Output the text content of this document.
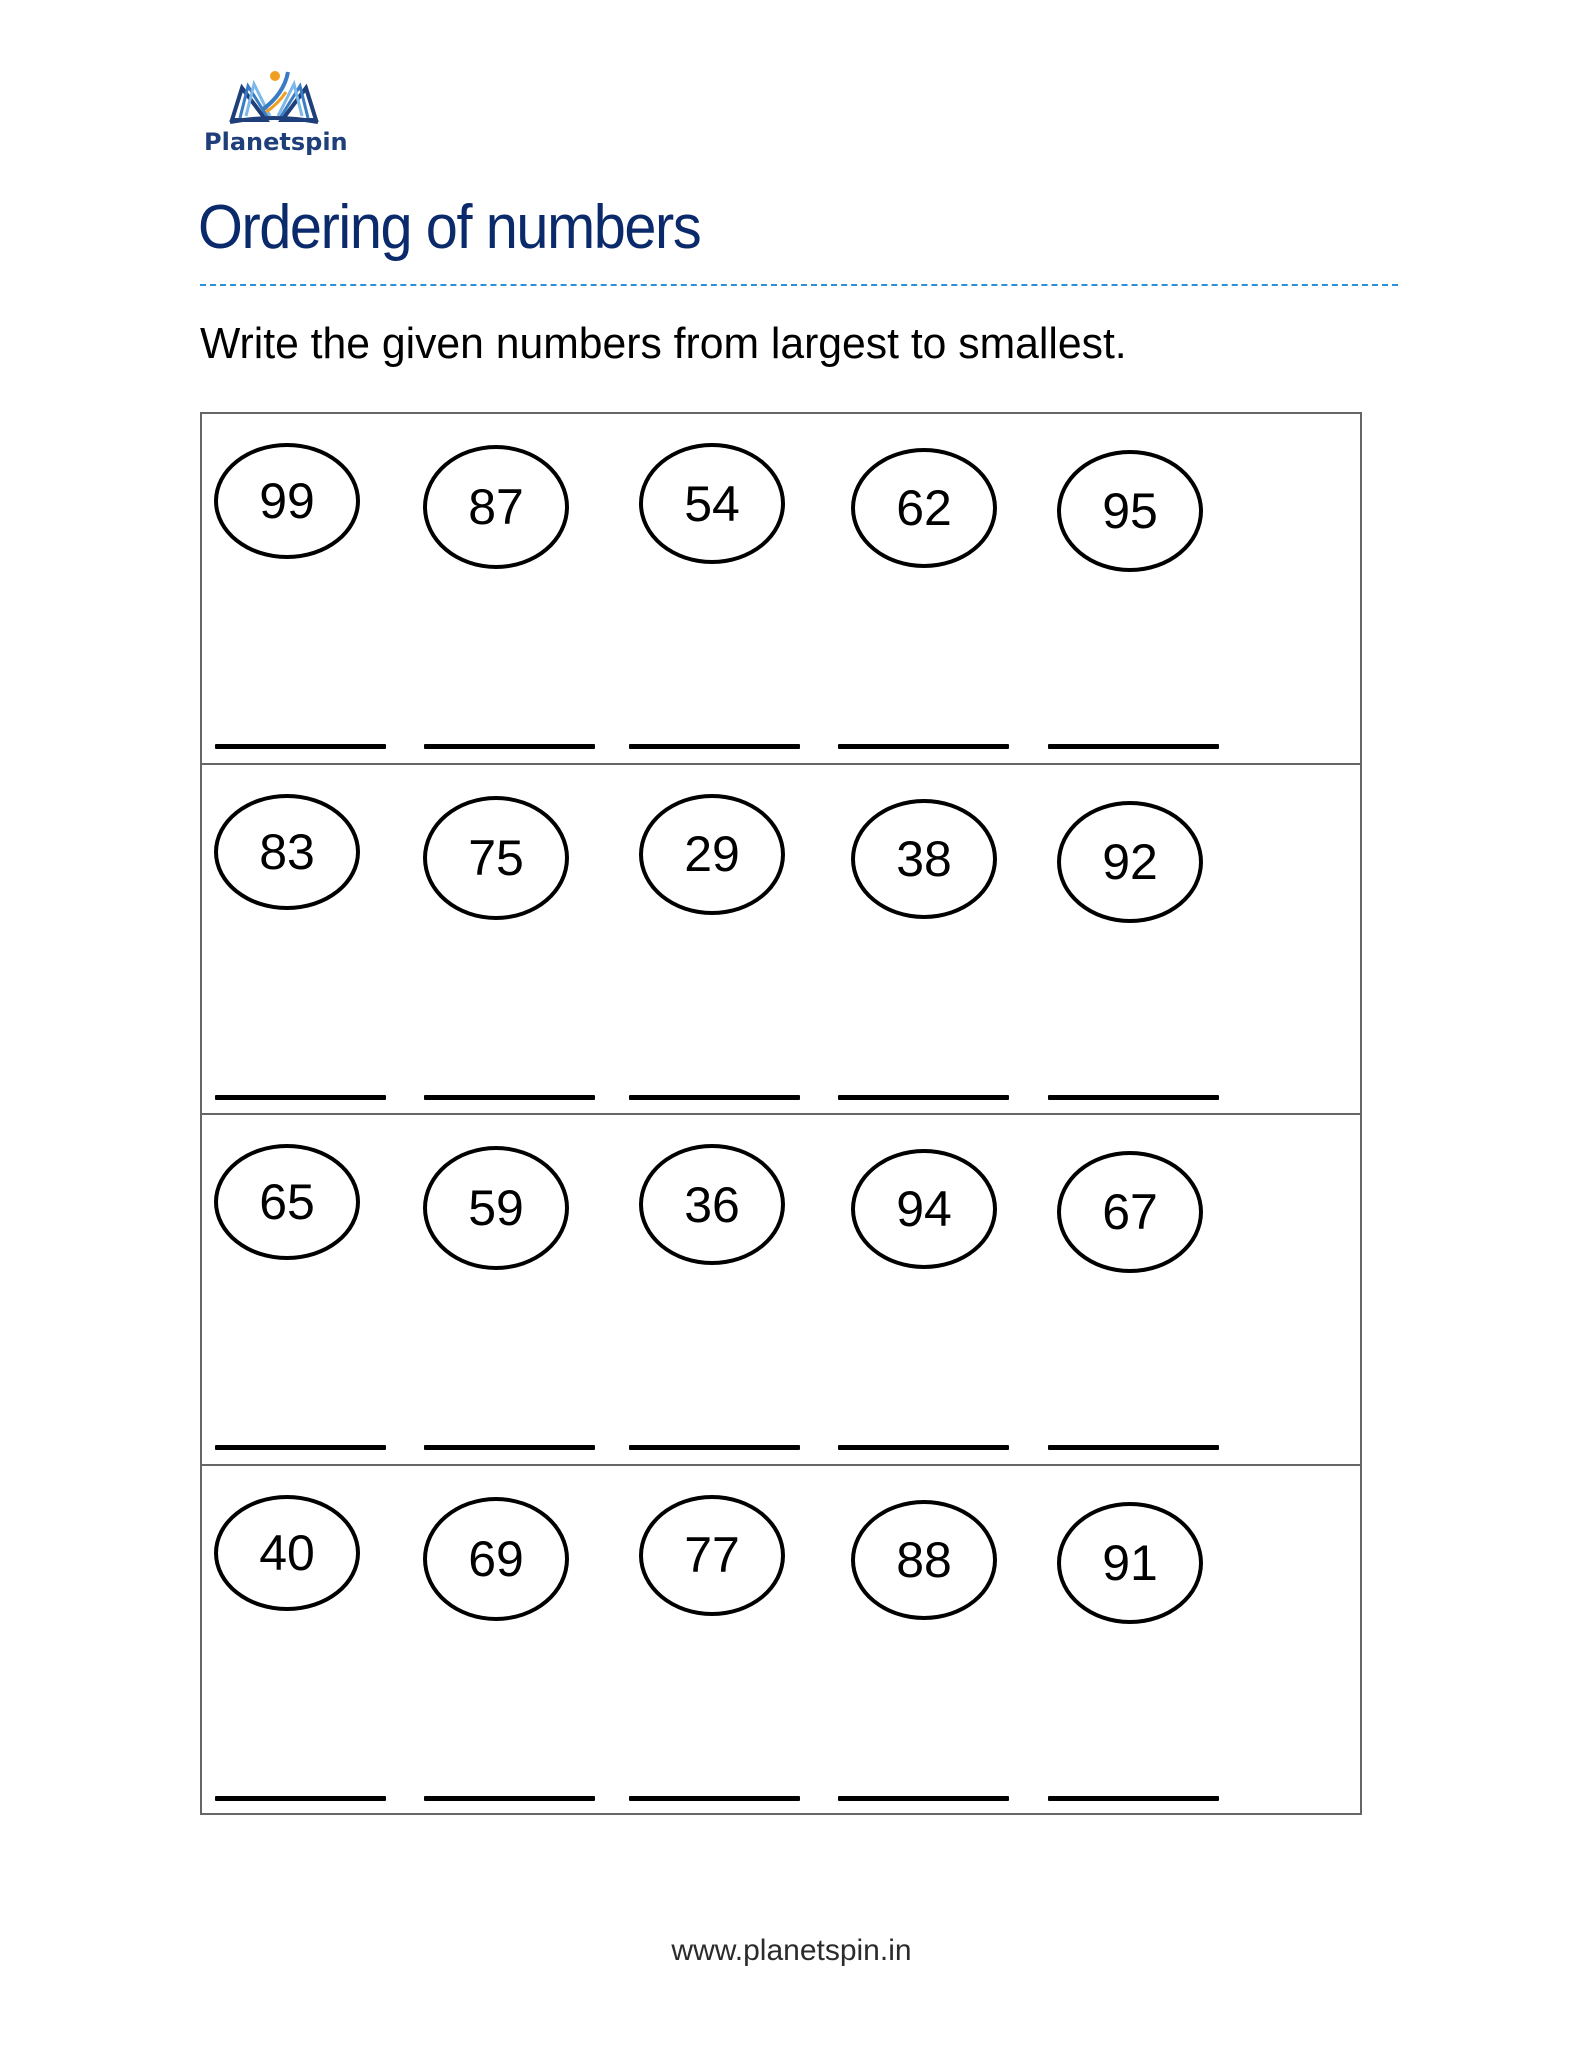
Planetspin
Ordering of numbers

Write the given numbers from largest to smallest.

99	87	54	62	95
83	75	29	38	92
65	59	36	94	67
40	69	77	88	91
www.planetspin.in
